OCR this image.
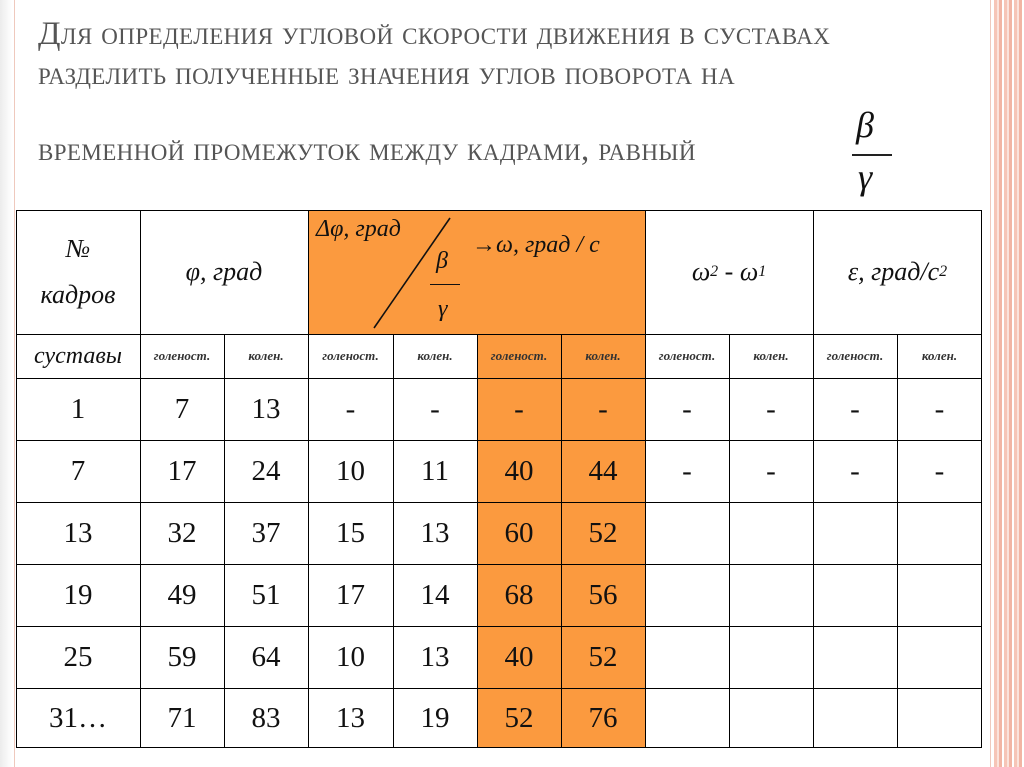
Для определения угловой скорости движения в суставах
разделить полученные значения углов поворота на
временной промежуток между кадрами, равный
β
γ
№
кадров
φ, град
Δφ, град
β
γ
→ω, град / с
ω 2 - ω 1	ε, град/с 2
суставы	голеност.	колен.	голеност.	колен.	голеност.	колен.	голеност.	колен.	голеност.	колен.
1	7	13	-	-	-	-	-	-	-	-
7	17	24	10	11	40	44	-	-	-	-
13	32	37	15	13	60	52
19	49	51	17	14	68	56
25	59	64	10	13	40	52
31…	71	83	13	19	52	76
